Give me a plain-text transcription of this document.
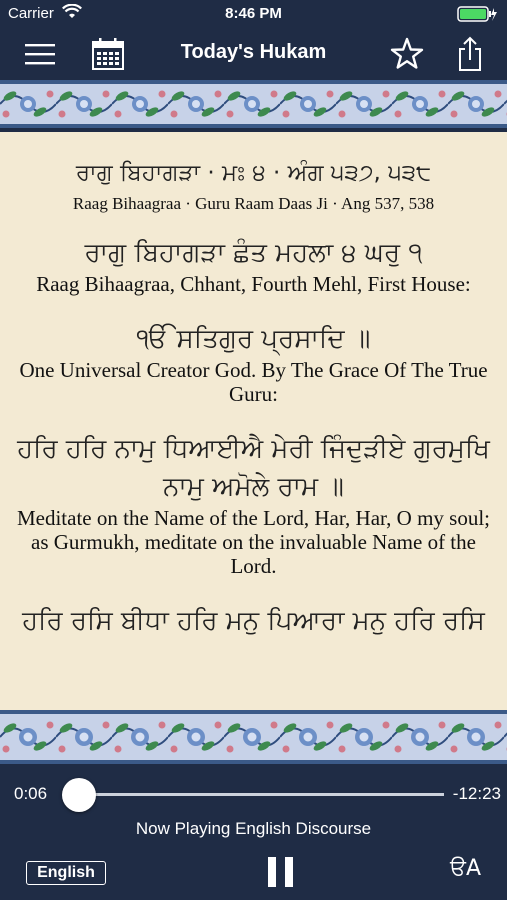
Carrier	8:46 PM
Today's Hukam
ਰਾਗੁ ਬਿਹਾਗੜਾ · ਮਃ ੪ · ਅੰਗ ੫੩੭, ੫੩੮
Raag Bihaagraa · Guru Raam Daas Ji · Ang 537, 538
ਰਾਗੁ ਬਿਹਾਗੜਾ ਛੰਤ ਮਹਲਾ ੪ ਘਰੁ ੧
Raag Bihaagraa, Chhant, Fourth Mehl, First House:
ੴ ਸਤਿਗੁਰ ਪ੍ਰਸਾਦਿ ॥
One Universal Creator God. By The Grace Of The True Guru:
ਹਰਿ ਹਰਿ ਨਾਮੁ ਧਿਆਈਐ ਮੇਰੀ ਜਿੰਦੁੜੀਏ ਗੁਰਮੁਖਿ ਨਾਮੁ ਅਮੋਲੇ ਰਾਮ ॥
Meditate on the Name of the Lord, Har, Har, O my soul; as Gurmukh, meditate on the invaluable Name of the Lord.
ਹਰਿ ਰਸਿ ਬੀਧਾ ਹਰਿ ਮਨੁ ਪਿਆਰਾ ਮਨੁ ਹਰਿ ਰਸਿ
0:06	-12:23
Now Playing English Discourse
English	ੳA
